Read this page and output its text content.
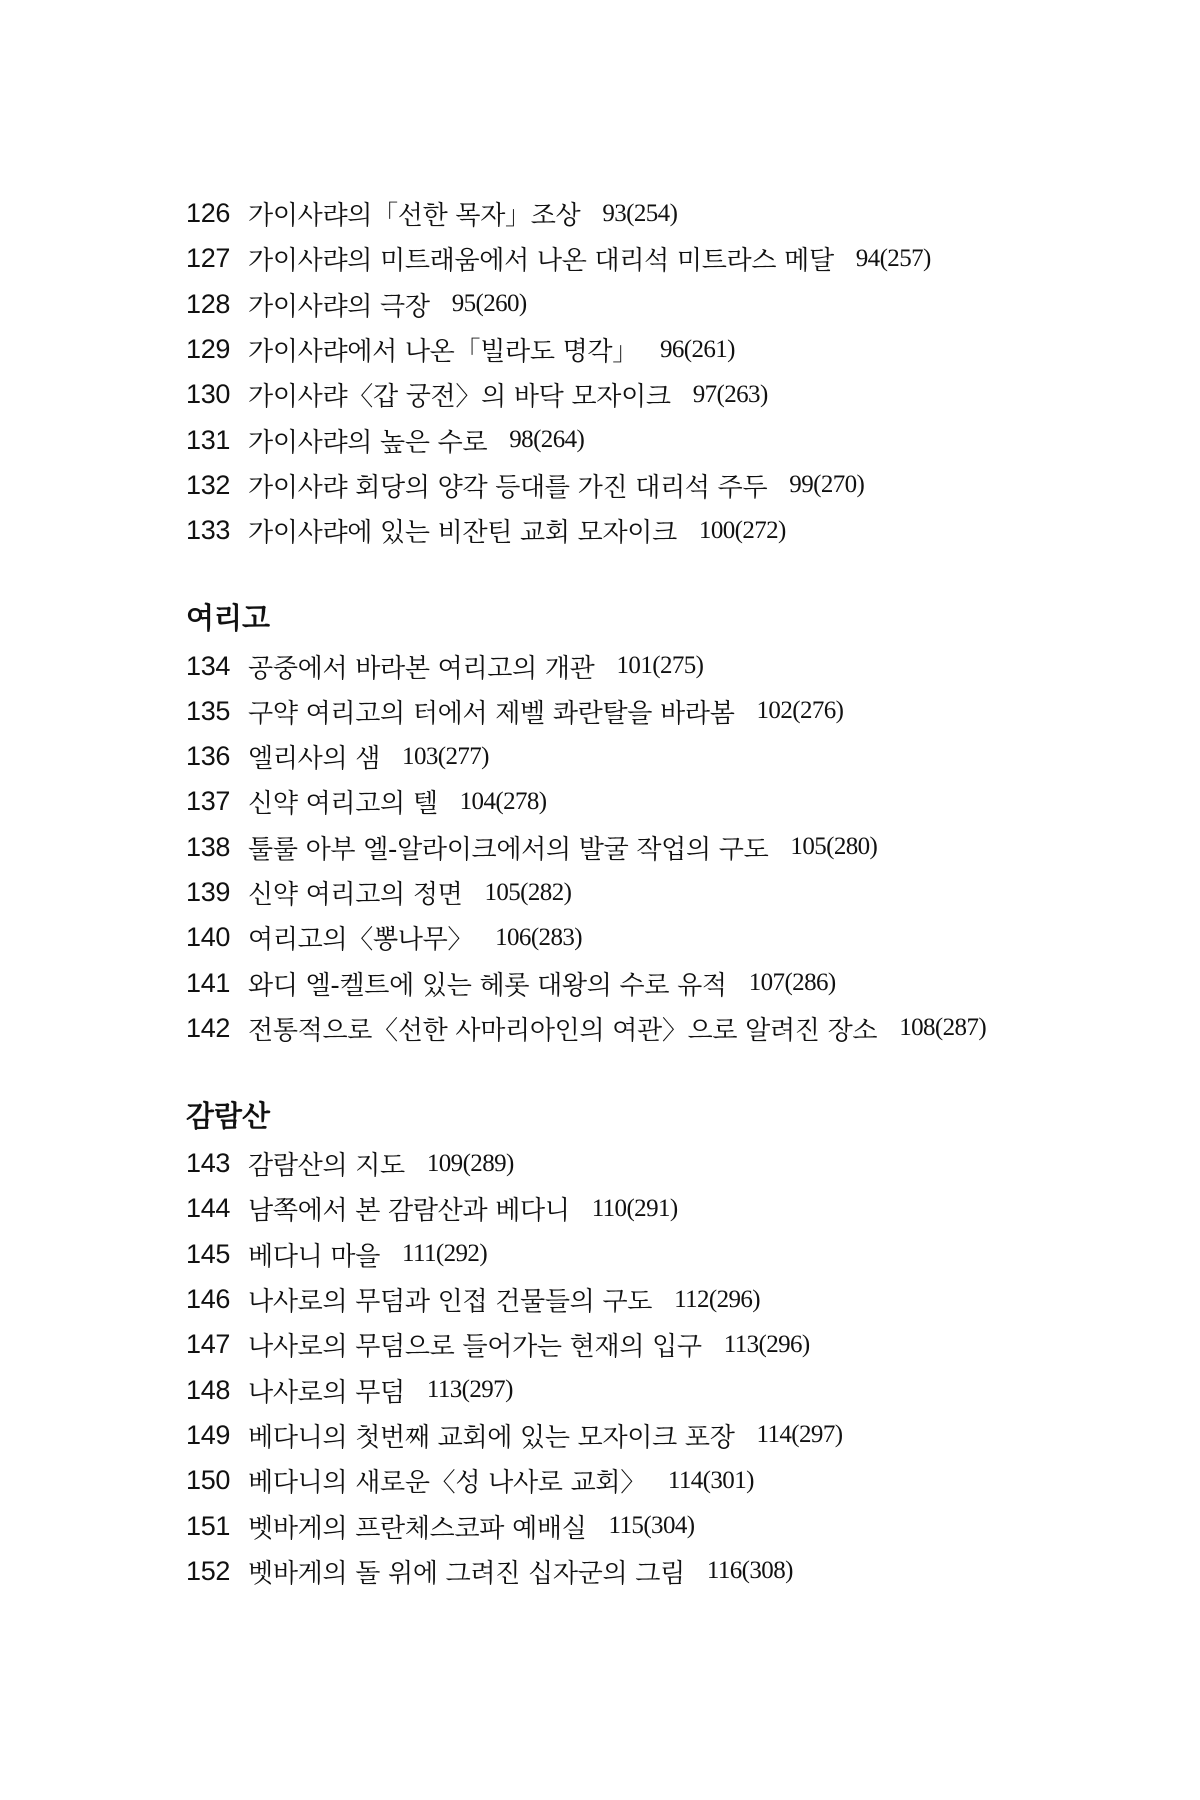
126 가이사랴의「선한 목자」조상 93(254)
127 가이사랴의 미트래움에서 나온 대리석 미트라스 메달 94(257)
128 가이사랴의 극장 95(260)
129 가이사랴에서 나온「빌라도 명각」 96(261)
130 가이사랴〈갑 궁전〉의 바닥 모자이크 97(263)
131 가이사랴의 높은 수로 98(264)
132 가이사랴 회당의 양각 등대를 가진 대리석 주두 99(270)
133 가이사랴에 있는 비잔틴 교회 모자이크 100(272)
여리고
134 공중에서 바라본 여리고의 개관 101(275)
135 구약 여리고의 터에서 제벨 콰란탈을 바라봄 102(276)
136 엘리사의 샘 103(277)
137 신약 여리고의 텔 104(278)
138 툴룰 아부 엘-알라이크에서의 발굴 작업의 구도 105(280)
139 신약 여리고의 정면 105(282)
140 여리고의〈뽕나무〉 106(283)
141 와디 엘-켈트에 있는 헤롯 대왕의 수로 유적 107(286)
142 전통적으로〈선한 사마리아인의 여관〉으로 알려진 장소 108(287)
감람산
143 감람산의 지도 109(289)
144 남쪽에서 본 감람산과 베다니 110(291)
145 베다니 마을 111(292)
146 나사로의 무덤과 인접 건물들의 구도 112(296)
147 나사로의 무덤으로 들어가는 현재의 입구 113(296)
148 나사로의 무덤 113(297)
149 베다니의 첫번째 교회에 있는 모자이크 포장 114(297)
150 베다니의 새로운〈성 나사로 교회〉 114(301)
151 벳바게의 프란체스코파 예배실 115(304)
152 벳바게의 돌 위에 그려진 십자군의 그림 116(308)
